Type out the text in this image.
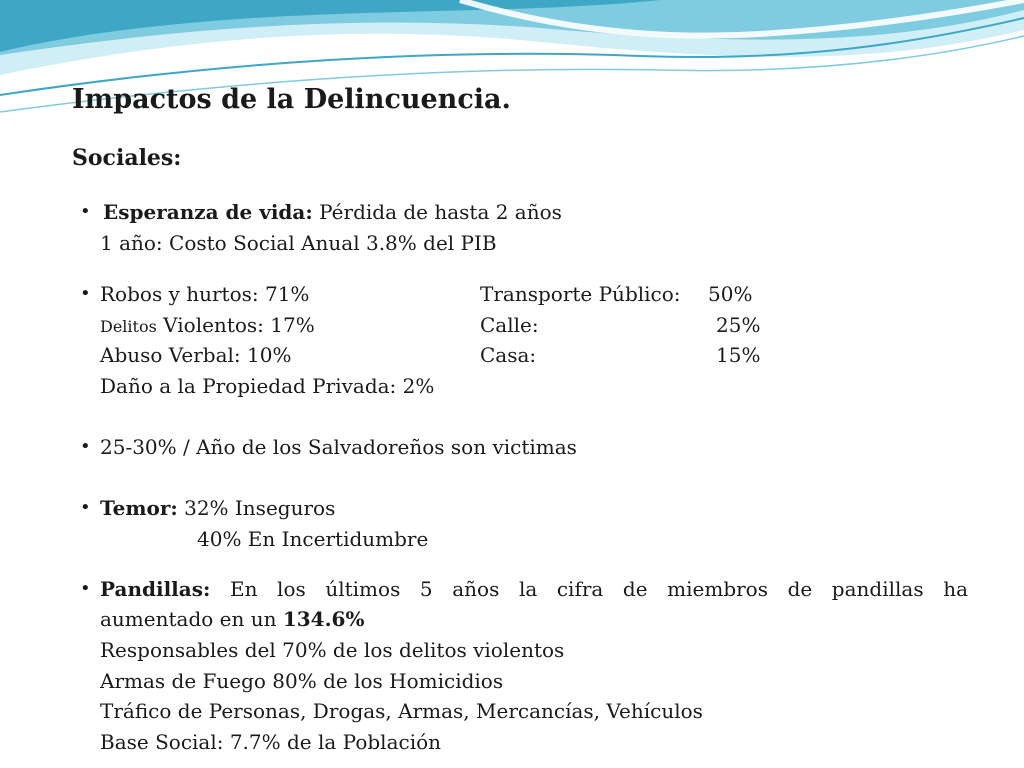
Impactos de la Delincuencia.
Sociales:
• Esperanza de vida: Pérdida de hasta 2 años
1 año: Costo Social Anual 3.8% del PIB
• Robos y hurtos: 71%
Delitos Violentos: 17%
Abuso Verbal: 10%
Daño a la Propiedad Privada: 2%
Transporte Público: 50%
Calle:	25%
Casa:	15%
• 25-30% / Año de los Salvadoreños son victimas
• Temor: 32% Inseguros
40% En Incertidumbre
• Pandillas: En los últimos 5 años la cifra de miembros de pandillas ha
aumentado en un 134.6%
Responsables del 70% de los delitos violentos
Armas de Fuego 80% de los Homicidios
Tráfico de Personas, Drogas, Armas, Mercancías, Vehículos
Base Social: 7.7% de la Población
